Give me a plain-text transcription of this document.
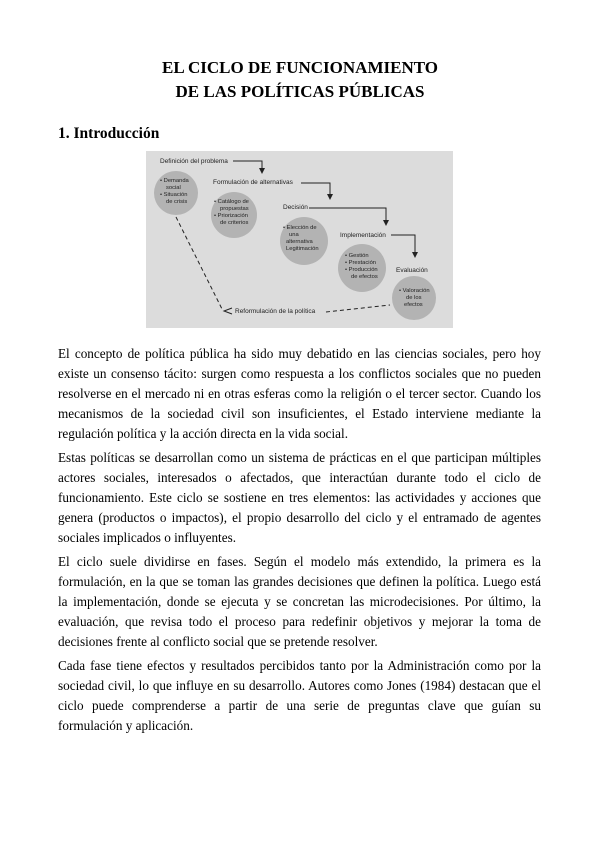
EL CICLO DE FUNCIONAMIENTO
DE LAS POLÍTICAS PÚBLICAS
1. Introducción
Definición del problema
Formulación de alternativas
Decisión
Implementación
Evaluación
• Demanda
social
• Situación
de crisis	• Catálogo de
propuestas
• Priorización
de criterios
• Elección de
una
alternativa
Legitimación
• Gestión
• Prestación
• Producción
de efectos
• Valoración
de los
efectos
Reformulación de la política

El concepto de política pública ha sido muy debatido en las ciencias sociales, pero hoy existe un consenso tácito: surgen como respuesta a los conflictos sociales que no pueden resolverse en el mercado ni en otras esferas como la religión o el tercer sector. Cuando los mecanismos de la sociedad civil son insuficientes, el Estado interviene mediante la regulación política y la acción directa en la vida social.

Estas políticas se desarrollan como un sistema de prácticas en el que participan múltiples actores sociales, interesados o afectados, que interactúan durante todo el ciclo de funcionamiento. Este ciclo se sostiene en tres elementos: las actividades y acciones que genera (productos o impactos), el propio desarrollo del ciclo y el entramado de agentes sociales implicados o influyentes.

El ciclo suele dividirse en fases. Según el modelo más extendido, la primera es la formulación, en la que se toman las grandes decisiones que definen la política. Luego está la implementación, donde se ejecuta y se concretan las microdecisiones. Por último, la evaluación, que revisa todo el proceso para redefinir objetivos y mejorar la toma de decisiones frente al conflicto social que se pretende resolver.

Cada fase tiene efectos y resultados percibidos tanto por la Administración como por la sociedad civil, lo que influye en su desarrollo. Autores como Jones (1984) destacan que el ciclo puede comprenderse a partir de una serie de preguntas clave que guían su formulación y aplicación.
